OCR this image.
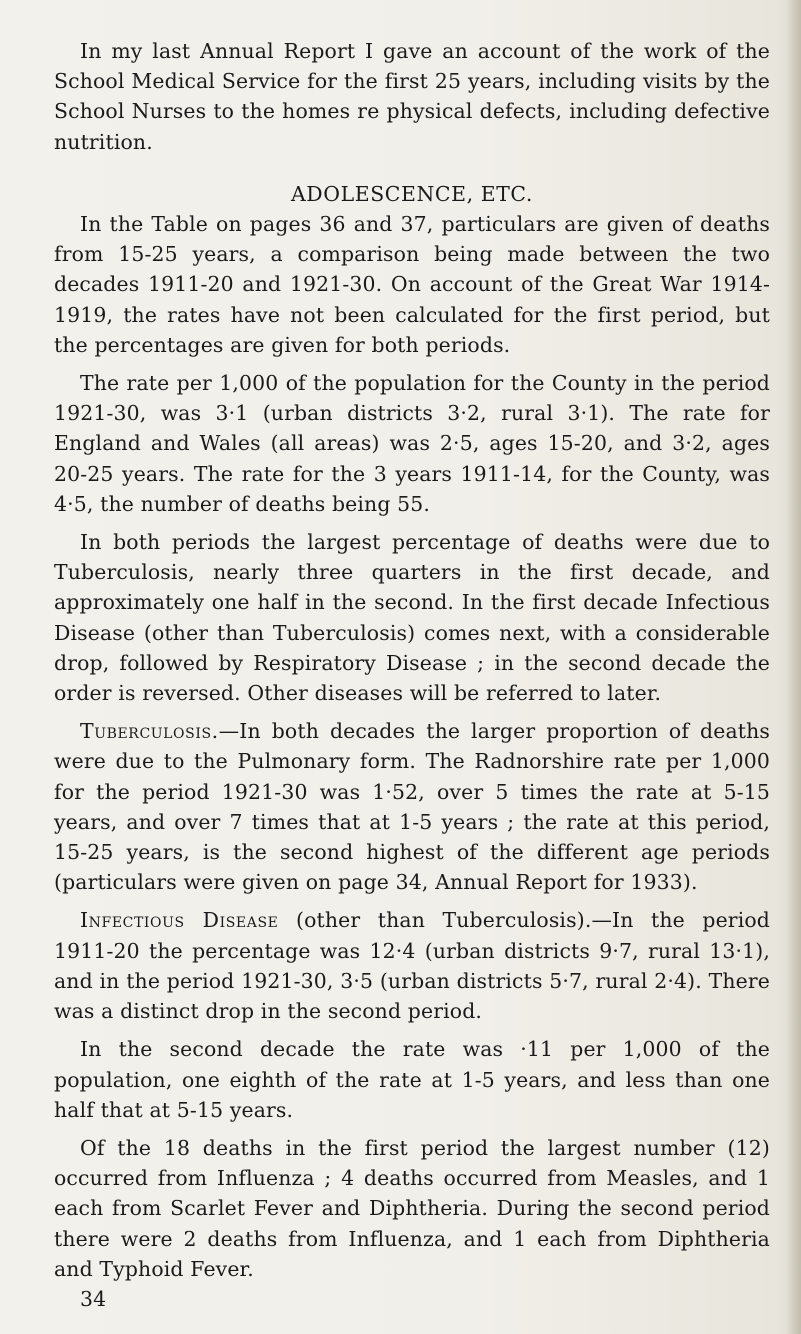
In my last Annual Report I gave an account of the work of the School Medical Service for the first 25 years, including visits by the School Nurses to the homes re physical defects, including defective nutrition.

ADOLESCENCE, ETC.

In the Table on pages 36 and 37, particulars are given of deaths from 15-25 years, a comparison being made between the two decades 1911-20 and 1921-30. On account of the Great War 1914-1919, the rates have not been calculated for the first period, but the percentages are given for both periods.

The rate per 1,000 of the population for the County in the period 1921-30, was 3·1 (urban districts 3·2, rural 3·1). The rate for England and Wales (all areas) was 2·5, ages 15-20, and 3·2, ages 20-25 years. The rate for the 3 years 1911-14, for the County, was 4·5, the number of deaths being 55.

In both periods the largest percentage of deaths were due to Tuberculosis, nearly three quarters in the first decade, and approximately one half in the second. In the first decade Infectious Disease (other than Tuberculosis) comes next, with a considerable drop, followed by Respiratory Disease ; in the second decade the order is reversed. Other diseases will be referred to later.

Tuberculosis.—In both decades the larger proportion of deaths were due to the Pulmonary form. The Radnorshire rate per 1,000 for the period 1921-30 was 1·52, over 5 times the rate at 5-15 years, and over 7 times that at 1-5 years ; the rate at this period, 15-25 years, is the second highest of the different age periods (particulars were given on page 34, Annual Report for 1933).

Infectious Disease (other than Tuberculosis).—In the period 1911-20 the percentage was 12·4 (urban districts 9·7, rural 13·1), and in the period 1921-30, 3·5 (urban districts 5·7, rural 2·4). There was a distinct drop in the second period.

In the second decade the rate was ·11 per 1,000 of the population, one eighth of the rate at 1-5 years, and less than one half that at 5-15 years.

Of the 18 deaths in the first period the largest number (12) occurred from Influenza ; 4 deaths occurred from Measles, and 1 each from Scarlet Fever and Diphtheria. During the second period there were 2 deaths from Influenza, and 1 each from Diphtheria and Typhoid Fever.

34
